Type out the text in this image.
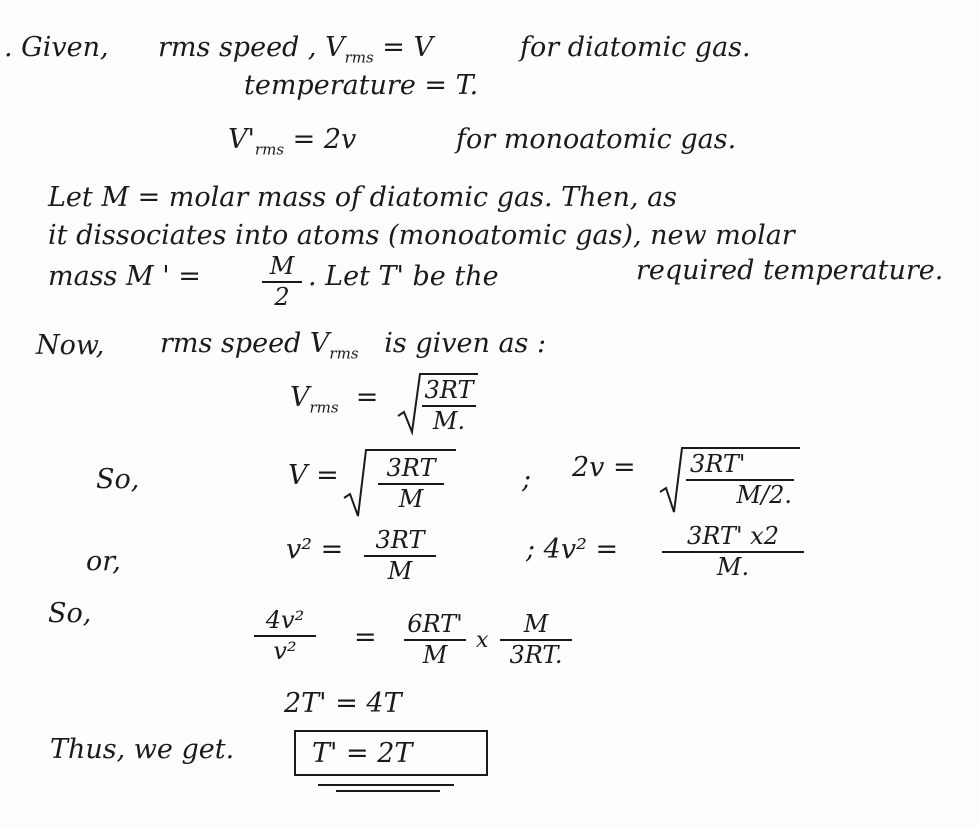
. Given, rms speed , $V_{rms} = V$	for diatomic gas.
temperature = T.
$V'_{rms} = 2v$	for monoatomic gas.
Let M = molar mass of diatomic gas. Then, as
it dissociates into atoms (monoatomic gas), new molar
mass M ' =	M
2
. Let T' be the	required temperature.
Now, rms speed $V_{rms}$ is given as :
$V_{rms} = 3RT$
M.
So,	V =	3RT
M
; 2v = 3RT'
M/2.
or,	v² =	3RT
M
; 4v² =	3RT' x2
M.
So,	4v²
v²	= 6RT'
M
x
M
3RT.
2T' = 4T
Thus, we get.	T' = 2T
